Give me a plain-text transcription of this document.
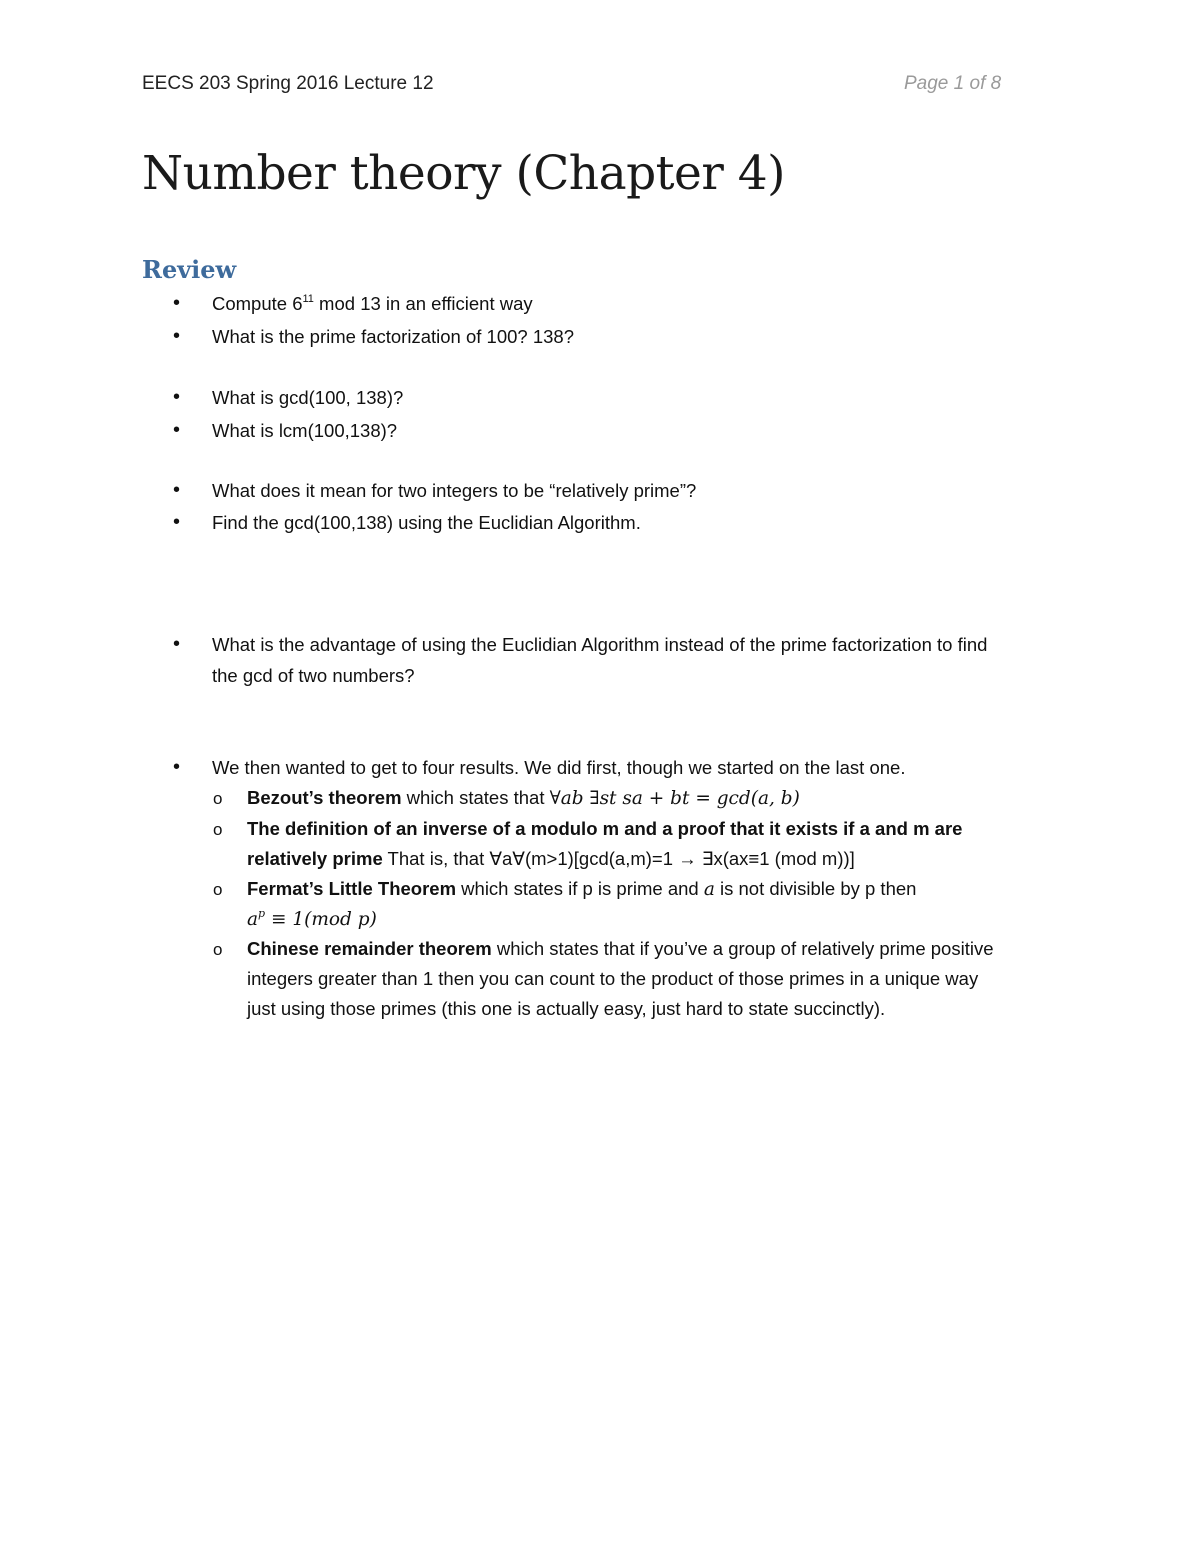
EECS 203 Spring 2016 Lecture 12	Page 1 of 8
Number theory (Chapter 4)
Review
• Compute $6^{11}$ mod 13 in an efficient way
• What is the prime factorization of 100? 138?
• What is gcd(100, 138)?
• What is lcm(100,138)?
• What does it mean for two integers to be “relatively prime”?
• Find the gcd(100,138) using the Euclidian Algorithm.
• What is the advantage of using the Euclidian Algorithm instead of the prime factorization to find
the gcd of two numbers?
• We then wanted to get to four results. We did first, though we started on the last one.
o Bezout’s theorem which states that ∀ab ∃st sa + bt = gcd(a, b)
o The definition of an inverse of a modulo m and a proof that it exists if a and m are
relatively prime That is, that ∀a∀(m>1)[gcd(a,m)=1 → ∃x(ax≡1 (mod m))]
o Fermat’s Little Theorem which states if p is prime and a is not divisible by p then
$a^p \equiv 1(mod$ p)
o Chinese remainder theorem which states that if you’ve a group of relatively prime positive
integers greater than 1 then you can count to the product of those primes in a unique way
just using those primes (this one is actually easy, just hard to state succinctly).
